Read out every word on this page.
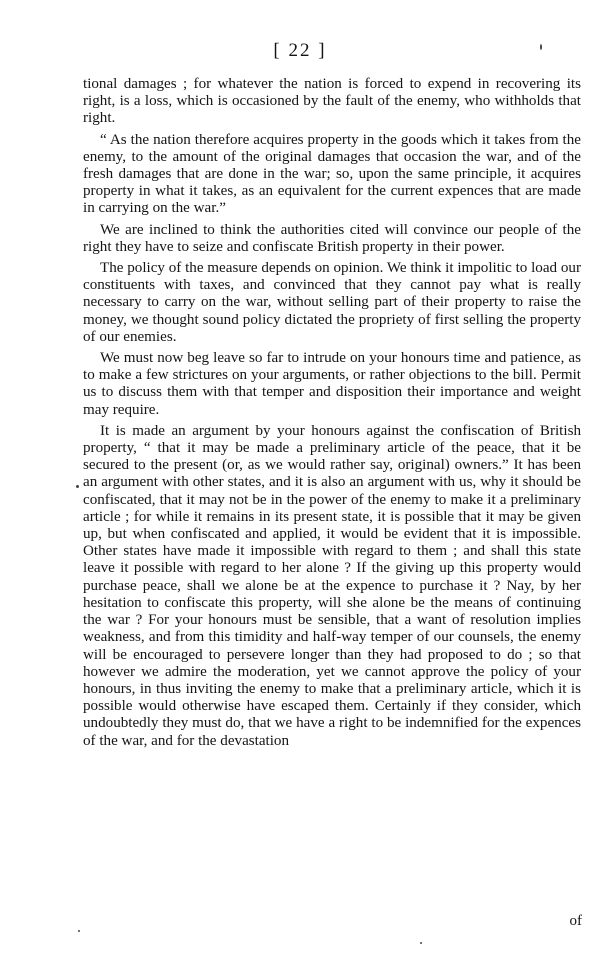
[ 22 ]

tional damages ; for whatever the nation is forced to expend in recovering its right, is a loss, which is occasioned by the fault of the enemy, who withholds that right.

“ As the nation therefore acquires property in the goods which it takes from the enemy, to the amount of the original damages that occasion the war, and of the fresh damages that are done in the war; so, upon the same principle, it acquires property in what it takes, as an equivalent for the current expences that are made in carrying on the war.”

We are inclined to think the authorities cited will convince our people of the right they have to seize and confiscate British property in their power.

The policy of the measure depends on opinion. We think it impolitic to load our constituents with taxes, and convinced that they cannot pay what is really necessary to carry on the war, without selling part of their property to raise the money, we thought sound policy dictated the propriety of first selling the property of our enemies.

We must now beg leave so far to intrude on your honours time and patience, as to make a few strictures on your arguments, or rather objections to the bill. Permit us to discuss them with that temper and disposition their importance and weight may require.

It is made an argument by your honours against the confiscation of British property, “ that it may be made a preliminary article of the peace, that it be secured to the present (or, as we would rather say, original) owners.” It has been an argument with other states, and it is also an argument with us, why it should be confiscated, that it may not be in the power of the enemy to make it a preliminary article ; for while it remains in its present state, it is possible that it may be given up, but when confiscated and applied, it would be evident that it is impossible. Other states have made it impossible with regard to them ; and shall this state leave it possible with regard to her alone ? If the giving up this property would purchase peace, shall we alone be at the expence to purchase it ? Nay, by her hesitation to confiscate this property, will she alone be the means of continuing the war ? For your honours must be sensible, that a want of resolution implies weakness, and from this timidity and half-way temper of our counsels, the enemy will be encouraged to persevere longer than they had proposed to do ; so that however we admire the moderation, yet we cannot approve the policy of your honours, in thus inviting the enemy to make that a preliminary article, which it is possible would otherwise have escaped them. Certainly if they consider, which undoubtedly they must do, that we have a right to be indemnified for the expences of the war, and for the devastation

of
